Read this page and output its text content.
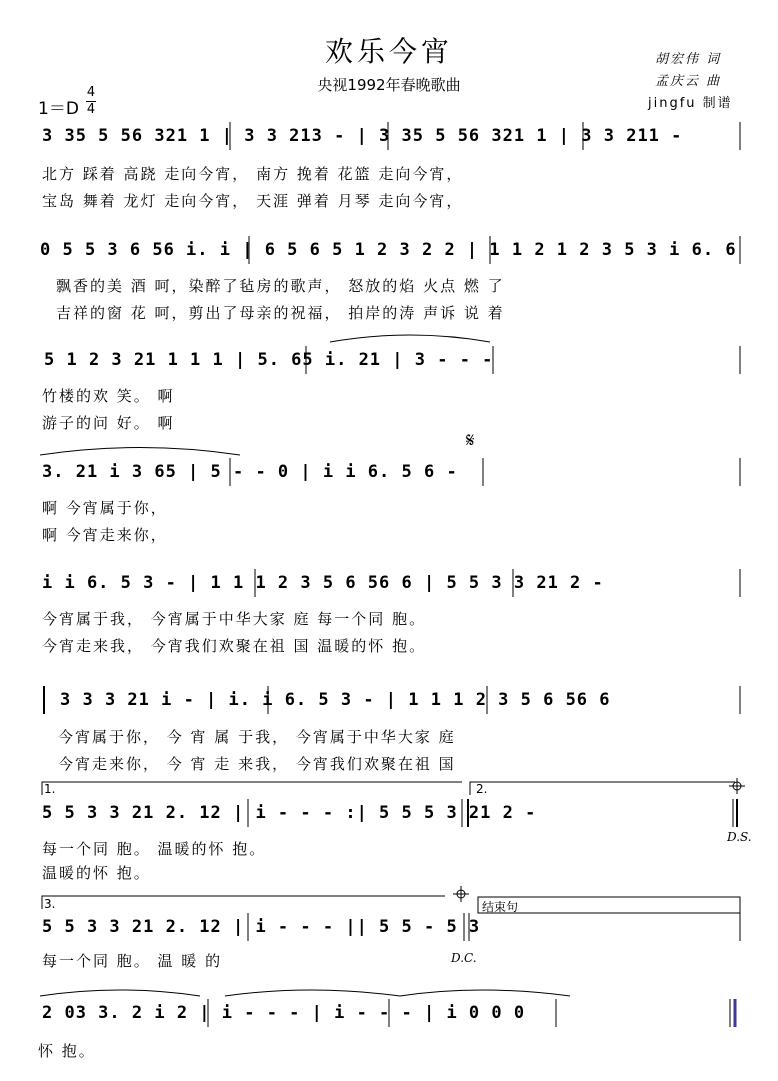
欢乐今宵
央视1992年春晚歌曲
胡宏伟 词
孟庆云 曲
jingfu 制谱
1＝D
4
4
3 35 5 56 321 1 | 3 3 213 - | 3 35 5 56 321 1 | 3 3 211 -
北方 踩着 高跷 走向今宵， 南方 挽着 花篮 走向今宵，
宝岛 舞着 龙灯 走向今宵， 天涯 弹着 月琴 走向今宵，
0 5 5 3 6 56 i. i | 6 5 6 5 1 2 3 2 2 | 1 1 2 1 2 3 5 3 i 6. 6
飘香的美 酒 呵，染醉了毡房的歌声， 怒放的焰 火点 燃 了
吉祥的窗 花 呵，剪出了母亲的祝福， 拍岸的涛 声诉 说 着
5 1 2 3 21 1 1 1 | 5. 65 i. 21 | 3 - - -
竹楼的欢 笑。 啊
游子的问 好。 啊
𝄋
3. 21 i 3 65 | 5 - - 0 | i i 6. 5 6 -
啊 今宵属于你，
啊 今宵走来你，
i i 6. 5 3 - | 1 1 1 2 3 5 6 56 6 | 5 5 3 3 21 2 -
今宵属于我， 今宵属于中华大家 庭 每一个同 胞。
今宵走来我， 今宵我们欢聚在祖 国 温暖的怀 抱。
3 3 3 21 i - | i. i 6. 5 3 - | 1 1 1 2 3 5 6 56 6
今宵属于你， 今 宵 属 于我， 今宵属于中华大家 庭
今宵走来你， 今 宵 走 来我， 今宵我们欢聚在祖 国
1.	2.
5 5 3 3 21 2. 12 | i - - - :| 5 5 5 3 21 2 -
D.S.
每一个同 胞。 温暖的怀 抱。
温暖的怀 抱。
3.	结束句
5 5 3 3 21 2. 12 | i - - - || 5 5 - 5 3
D.C.
每一个同 胞。 温 暖 的
2 03 3. 2 i 2 | i - - - | i - - - | i 0 0 0
怀 抱。
